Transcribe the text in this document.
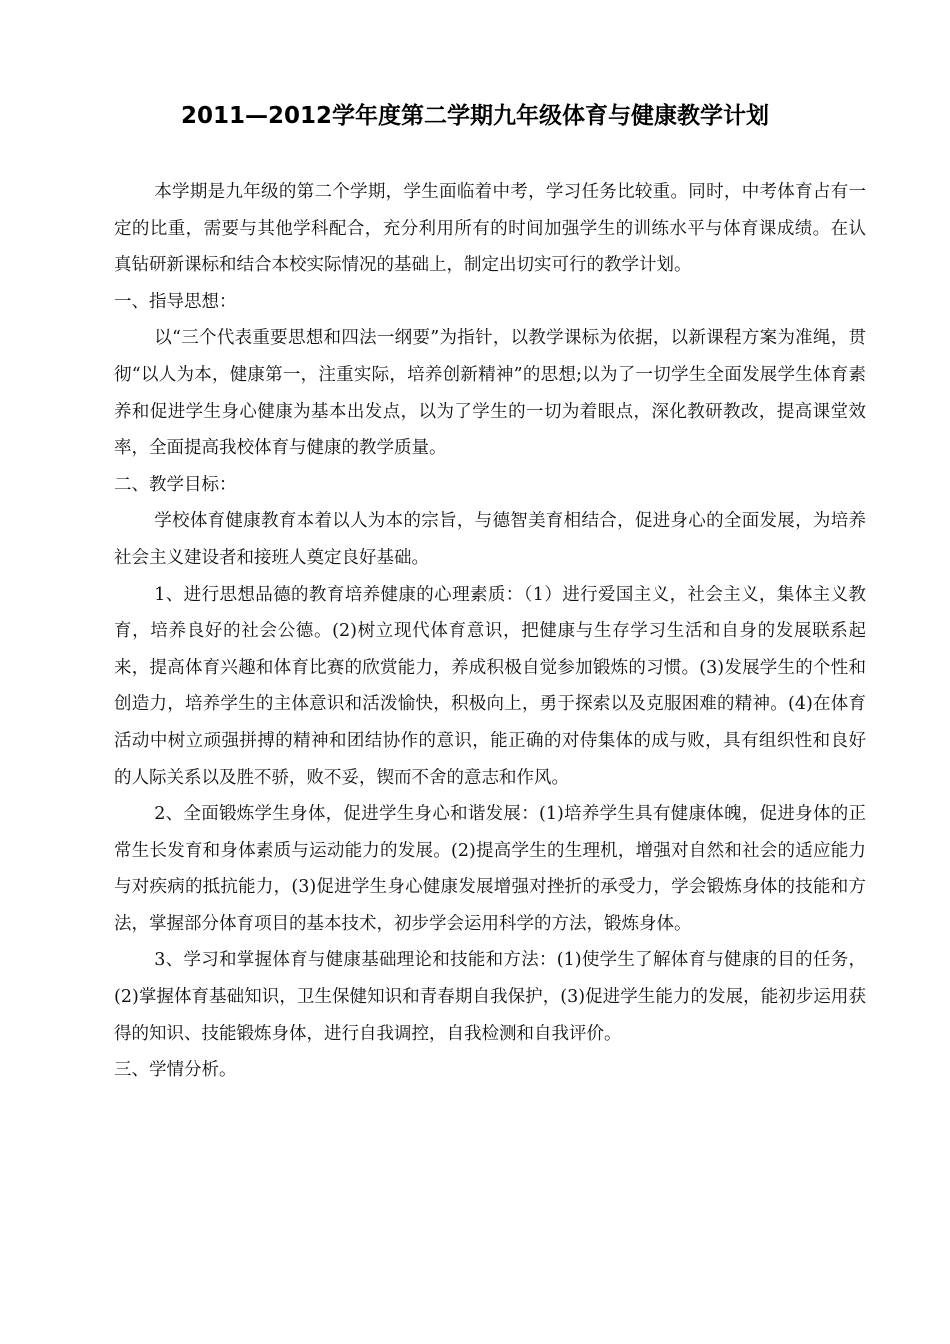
2011—2012学年度第二学期九年级体育与健康教学计划

本学期是九年级的第二个学期，学生面临着中考，学习任务比较重。同时，中考体育占有一定的比重，需要与其他学科配合，充分利用所有的时间加强学生的训练水平与体育课成绩。在认真钻研新课标和结合本校实际情况的基础上，制定出切实可行的教学计划。

一、指导思想：

以“三个代表重要思想和四法一纲要”为指针，以教学课标为依据，以新课程方案为准绳，贯彻“以人为本，健康第一，注重实际，培养创新精神”的思想;以为了一切学生全面发展学生体育素养和促进学生身心健康为基本出发点，以为了学生的一切为着眼点，深化教研教改，提高课堂效率，全面提高我校体育与健康的教学质量。

二、教学目标：

学校体育健康教育本着以人为本的宗旨，与德智美育相结合，促进身心的全面发展，为培养社会主义建设者和接班人奠定良好基础。

1、进行思想品德的教育培养健康的心理素质：（1）进行爱国主义，社会主义，集体主义教育，培养良好的社会公德。(2)树立现代体育意识，把健康与生存学习生活和自身的发展联系起来，提高体育兴趣和体育比赛的欣赏能力，养成积极自觉参加锻炼的习惯。(3)发展学生的个性和创造力，培养学生的主体意识和活泼愉快，积极向上，勇于探索以及克服困难的精神。(4)在体育活动中树立顽强拼搏的精神和团结协作的意识，能正确的对侍集体的成与败，具有组织性和良好的人际关系以及胜不骄，败不妥，锲而不舍的意志和作风。

2、全面锻炼学生身体，促进学生身心和谐发展：(1)培养学生具有健康体魄，促进身体的正常生长发育和身体素质与运动能力的发展。(2)提高学生的生理机，增强对自然和社会的适应能力与对疾病的抵抗能力，(3)促进学生身心健康发展增强对挫折的承受力，学会锻炼身体的技能和方法，掌握部分体育项目的基本技术，初步学会运用科学的方法，锻炼身体。

3、学习和掌握体育与健康基础理论和技能和方法：(1)使学生了解体育与健康的目的任务，(2)掌握体育基础知识，卫生保健知识和青春期自我保护，(3)促进学生能力的发展，能初步运用获得的知识、技能锻炼身体，进行自我调控，自我检测和自我评价。

三、学情分析。
